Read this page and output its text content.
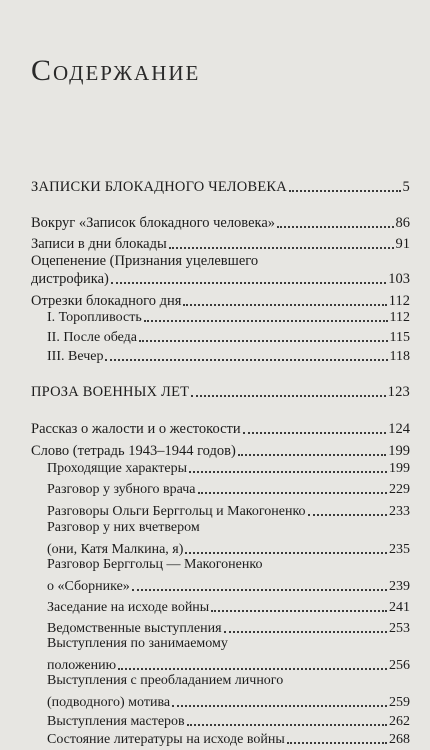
Содержание
ЗАПИСКИ БЛОКАДНОГО ЧЕЛОВЕКА	5
Вокруг «Записок блокадного человека»	86
Записи в дни блокады	91
Оцепенение (Признания уцелевшего
дистрофика)	103
Отрезки блокадного дня	112
I. Торопливость	112
II. После обеда	115
III. Вечер	118
ПРОЗА ВОЕННЫХ ЛЕТ	123
Рассказ о жалости и о жестокости	124
Слово (тетрадь 1943–1944 годов)	199
Проходящие характеры	199
Разговор у зубного врача	229
Разговоры Ольги Берггольц и Макогоненко	233
Разговор у них вчетвером
(они, Катя Малкина, я)	235
Разговор Берггольц — Макогоненко
о «Сборнике»	239
Заседание на исходе войны	241
Ведомственные выступления	253
Выступления по занимаемому
положению	256
Выступления с преобладанием личного
(подводного) мотива	259
Выступления мастеров	262
Состояние литературы на исходе войны	268
